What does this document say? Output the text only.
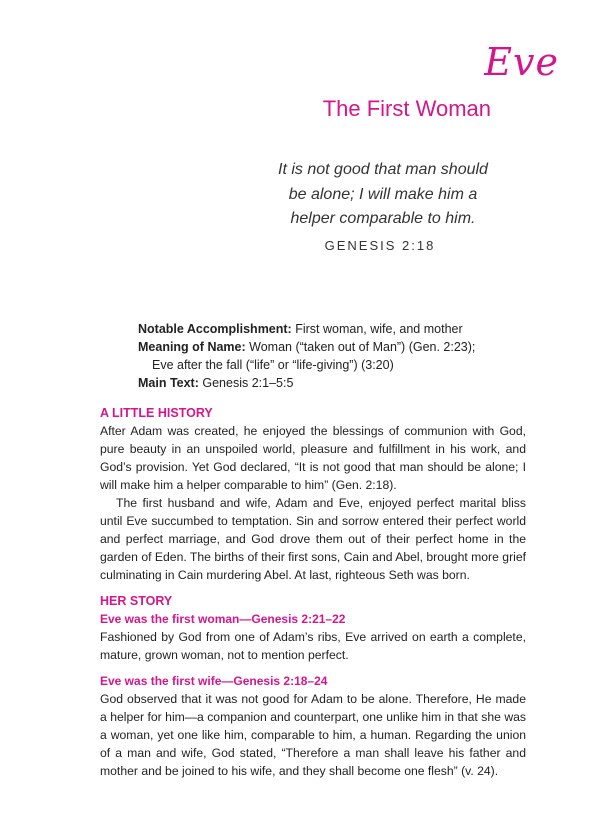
Eve
The First Woman
It is not good that man should
be alone; I will make him a
helper comparable to him.
GENESIS 2:18
Notable Accomplishment: First woman, wife, and mother
Meaning of Name: Woman (“taken out of Man”) (Gen. 2:23); Eve after the fall (“life” or “life-giving”) (3:20)
Main Text: Genesis 2:1–5:5
A LITTLE HISTORY

After Adam was created, he enjoyed the blessings of communion with God, pure beauty in an unspoiled world, pleasure and fulfillment in his work, and God’s provision. Yet God declared, “It is not good that man should be alone; I will make him a helper comparable to him” (Gen. 2:18).

The first husband and wife, Adam and Eve, enjoyed perfect marital bliss until Eve succumbed to temptation. Sin and sorrow entered their perfect world and perfect marriage, and God drove them out of their perfect home in the garden of Eden. The births of their first sons, Cain and Abel, brought more grief culminating in Cain murdering Abel. At last, righteous Seth was born.

HER STORY
Eve was the first woman—Genesis 2:21–22

Fashioned by God from one of Adam’s ribs, Eve arrived on earth a complete, mature, grown woman, not to mention perfect.

Eve was the first wife—Genesis 2:18–24

God observed that it was not good for Adam to be alone. Therefore, He made a helper for him—a companion and counterpart, one unlike him in that she was a woman, yet one like him, comparable to him, a human. Regarding the union of a man and wife, God stated, “Therefore a man shall leave his father and mother and be joined to his wife, and they shall become one flesh” (v. 24).
